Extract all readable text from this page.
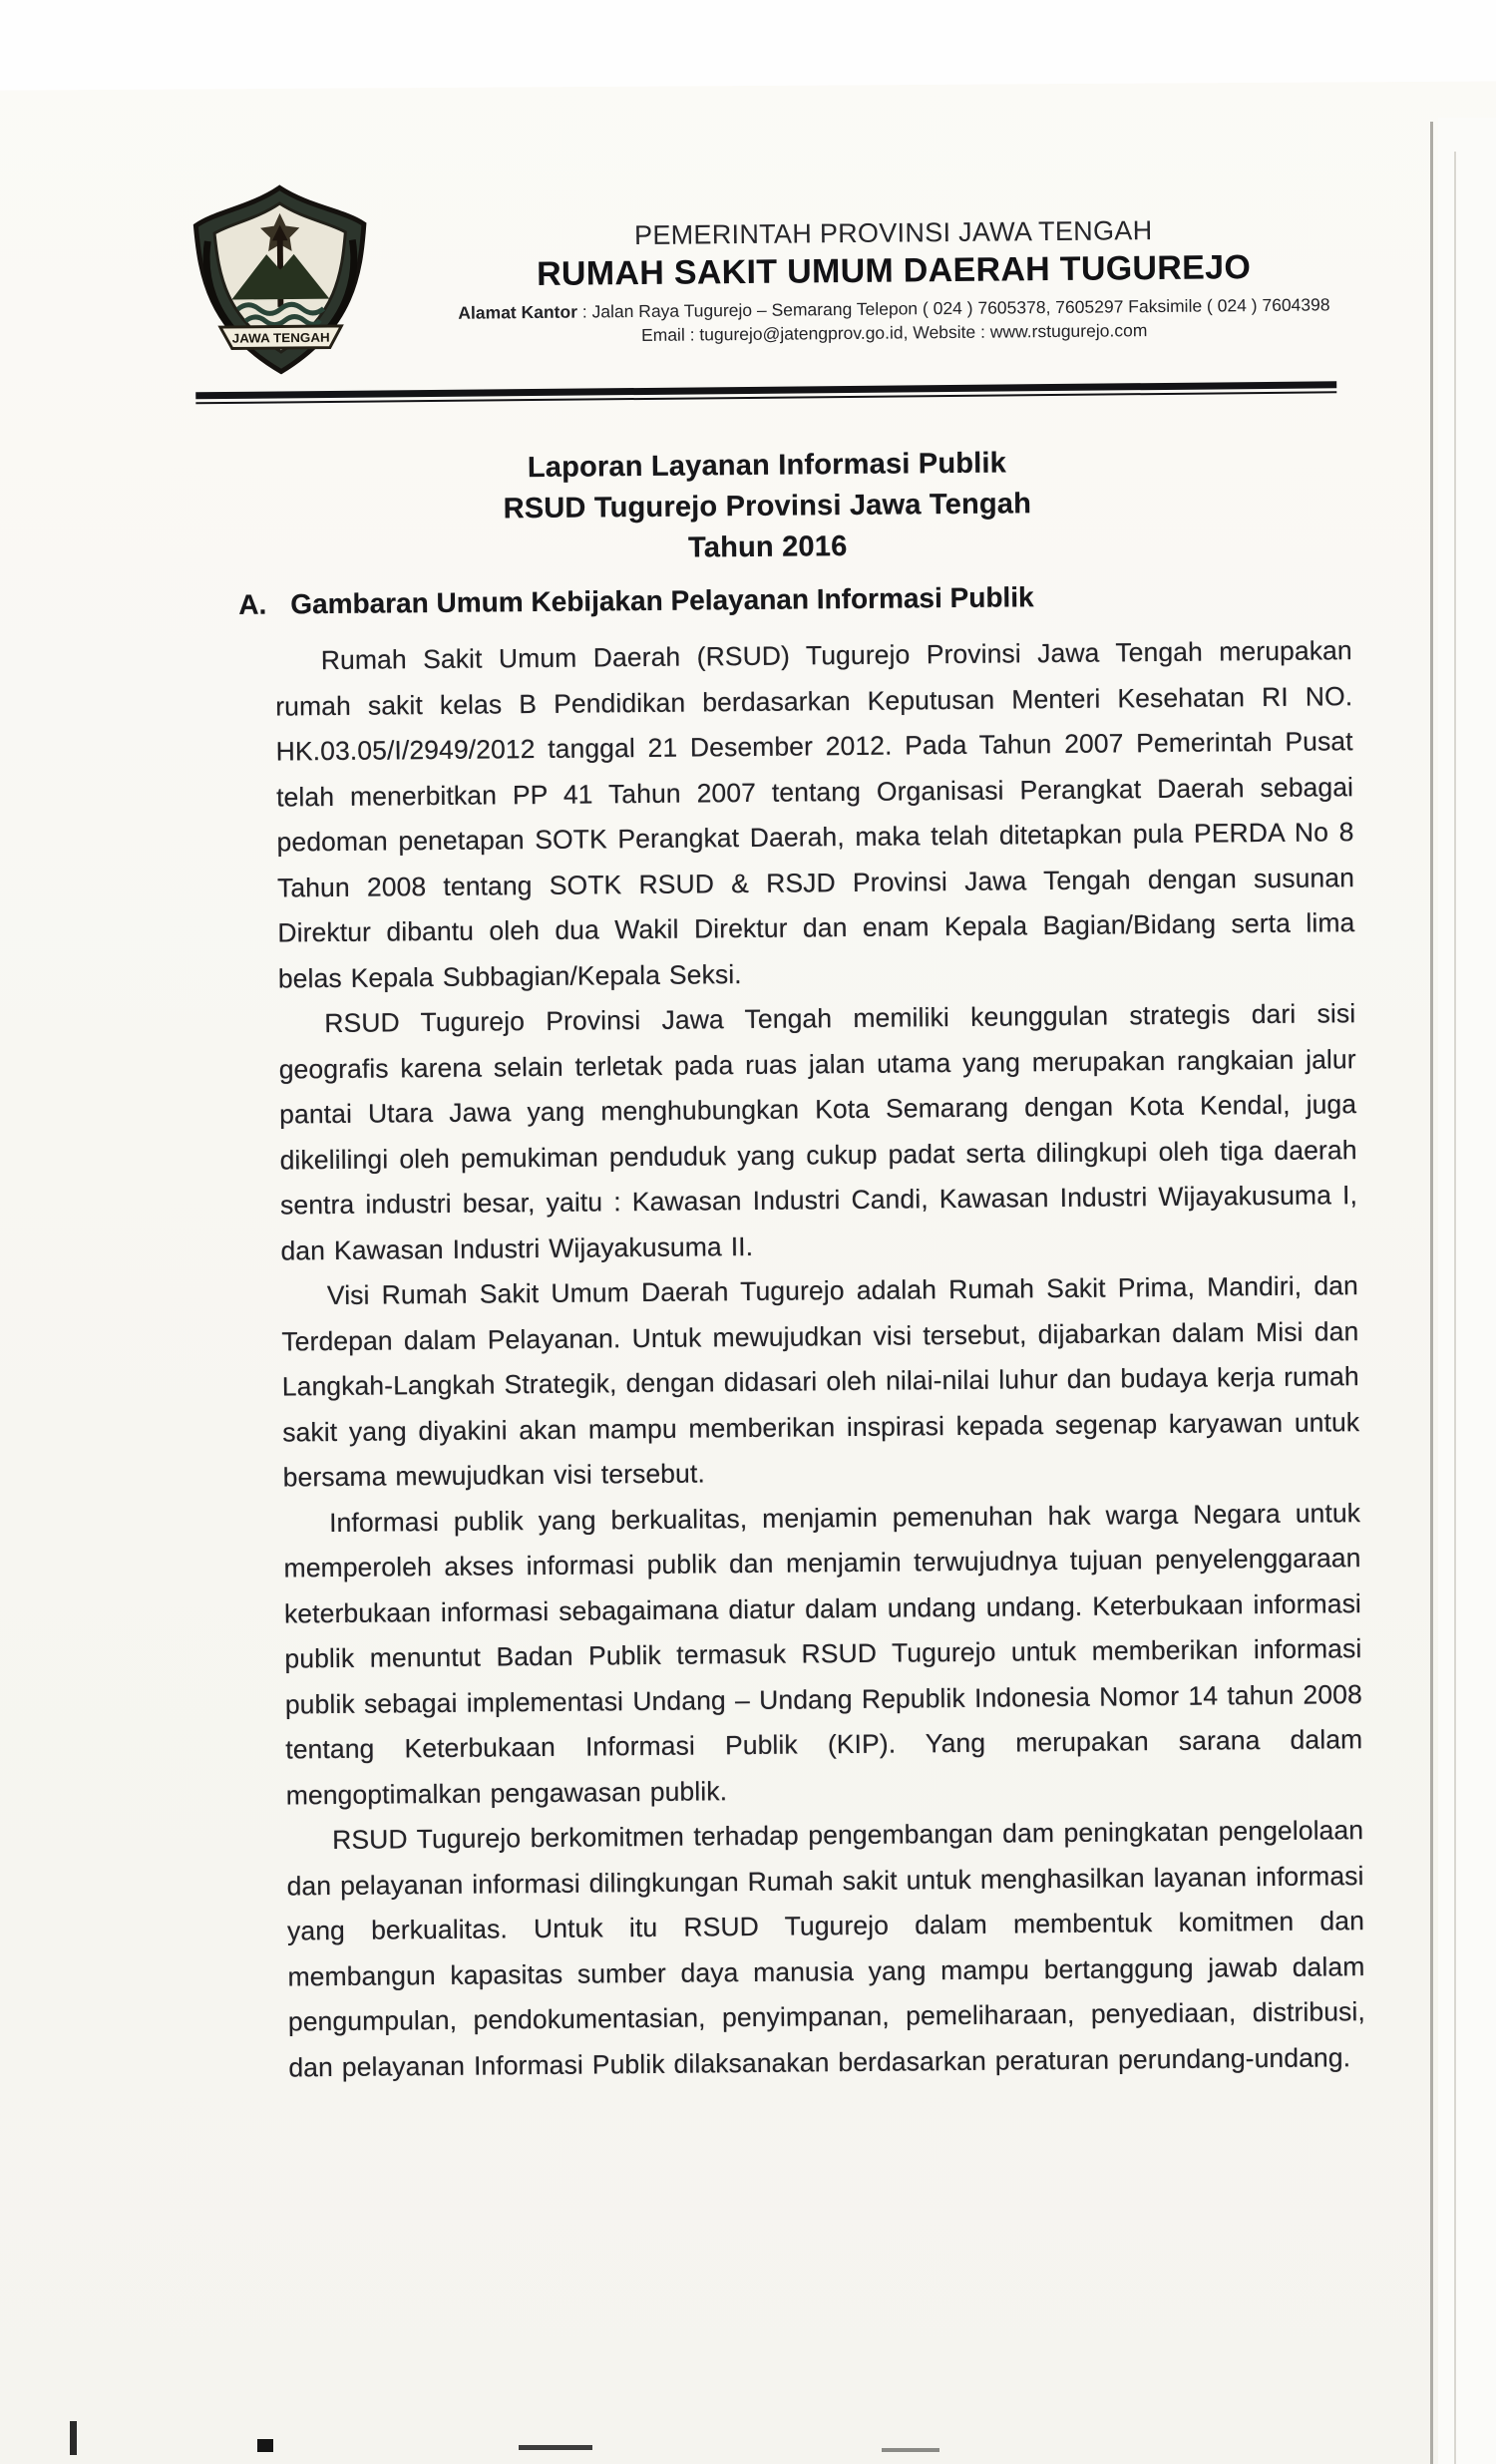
JAWA TENGAH
PEMERINTAH PROVINSI JAWA TENGAH
RUMAH SAKIT UMUM DAERAH TUGUREJO
Alamat Kantor : Jalan Raya Tugurejo – Semarang Telepon ( 024 ) 7605378, 7605297 Faksimile ( 024 ) 7604398
Email : tugurejo@jatengprov.go.id, Website : www.rstugurejo.com
Laporan Layanan Informasi Publik
RSUD Tugurejo Provinsi Jawa Tengah
Tahun 2016
A. Gambaran Umum Kebijakan Pelayanan Informasi Publik

Rumah Sakit Umum Daerah (RSUD) Tugurejo Provinsi Jawa Tengah merupakan rumah sakit kelas B Pendidikan berdasarkan Keputusan Menteri Kesehatan RI NO. HK.03.05/I/2949/2012 tanggal 21 Desember 2012. Pada Tahun 2007 Pemerintah Pusat telah menerbitkan PP 41 Tahun 2007 tentang Organisasi Perangkat Daerah sebagai pedoman penetapan SOTK Perangkat Daerah, maka telah ditetapkan pula PERDA No 8 Tahun 2008 tentang SOTK RSUD & RSJD Provinsi Jawa Tengah dengan susunan Direktur dibantu oleh dua Wakil Direktur dan enam Kepala Bagian/Bidang serta lima belas Kepala Subbagian/Kepala Seksi.

RSUD Tugurejo Provinsi Jawa Tengah memiliki keunggulan strategis dari sisi geografis karena selain terletak pada ruas jalan utama yang merupakan rangkaian jalur pantai Utara Jawa yang menghubungkan Kota Semarang dengan Kota Kendal, juga dikelilingi oleh pemukiman penduduk yang cukup padat serta dilingkupi oleh tiga daerah sentra industri besar, yaitu : Kawasan Industri Candi, Kawasan Industri Wijayakusuma I, dan Kawasan Industri Wijayakusuma II.

Visi Rumah Sakit Umum Daerah Tugurejo adalah Rumah Sakit Prima, Mandiri, dan Terdepan dalam Pelayanan. Untuk mewujudkan visi tersebut, dijabarkan dalam Misi dan Langkah-Langkah Strategik, dengan didasari oleh nilai-nilai luhur dan budaya kerja rumah sakit yang diyakini akan mampu memberikan inspirasi kepada segenap karyawan untuk bersama mewujudkan visi tersebut.

Informasi publik yang berkualitas, menjamin pemenuhan hak warga Negara untuk memperoleh akses informasi publik dan menjamin terwujudnya tujuan penyelenggaraan keterbukaan informasi sebagaimana diatur dalam undang undang. Keterbukaan informasi publik menuntut Badan Publik termasuk RSUD Tugurejo untuk memberikan informasi publik sebagai implementasi Undang – Undang Republik Indonesia Nomor 14 tahun 2008 tentang Keterbukaan Informasi Publik (KIP). Yang merupakan sarana dalam mengoptimalkan pengawasan publik.

RSUD Tugurejo berkomitmen terhadap pengembangan dam peningkatan pengelolaan dan pelayanan informasi dilingkungan Rumah sakit untuk menghasilkan layanan informasi yang berkualitas. Untuk itu RSUD Tugurejo dalam membentuk komitmen dan membangun kapasitas sumber daya manusia yang mampu bertanggung jawab dalam pengumpulan, pendokumentasian, penyimpanan, pemeliharaan, penyediaan, distribusi, dan pelayanan Informasi Publik dilaksanakan berdasarkan peraturan perundang-undang.
